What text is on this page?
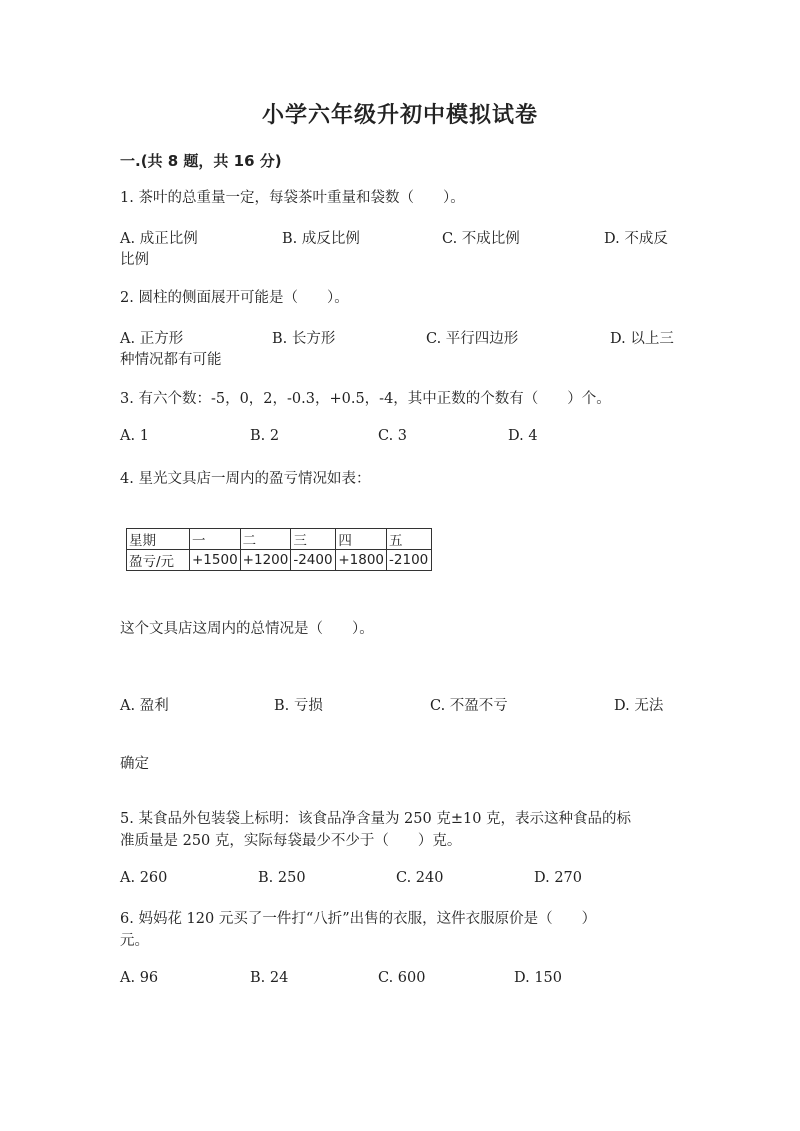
小学六年级升初中模拟试卷
一.(共 8 题，共 16 分)
1. 茶叶的总重量一定，每袋茶叶重量和袋数（　　）。
A. 成正比例	B. 成反比例	C. 不成比例	D. 不成反
比例
2. 圆柱的侧面展开可能是（　　）。
A. 正方形	B. 长方形	C. 平行四边形	D. 以上三
种情况都有可能
3. 有六个数：-5，0，2，-0.3，+0.5，-4，其中正数的个数有（　　）个。
A. 1	B. 2	C. 3	D. 4
4. 星光文具店一周内的盈亏情况如表：
星期	一	二	三	四	五
盈亏/元	+1500	+1200	-2400	+1800	-2100
这个文具店这周内的总情况是（　　）。
A. 盈利	B. 亏损	C. 不盈不亏	D. 无法
确定
5. 某食品外包装袋上标明：该食品净含量为 250 克±10 克，表示这种食品的标
准质量是 250 克，实际每袋最少不少于（　　）克。
A. 260	B. 250	C. 240	D. 270
6. 妈妈花 120 元买了一件打“八折”出售的衣服，这件衣服原价是（　　）
元。
A. 96	B. 24	C. 600	D. 150
